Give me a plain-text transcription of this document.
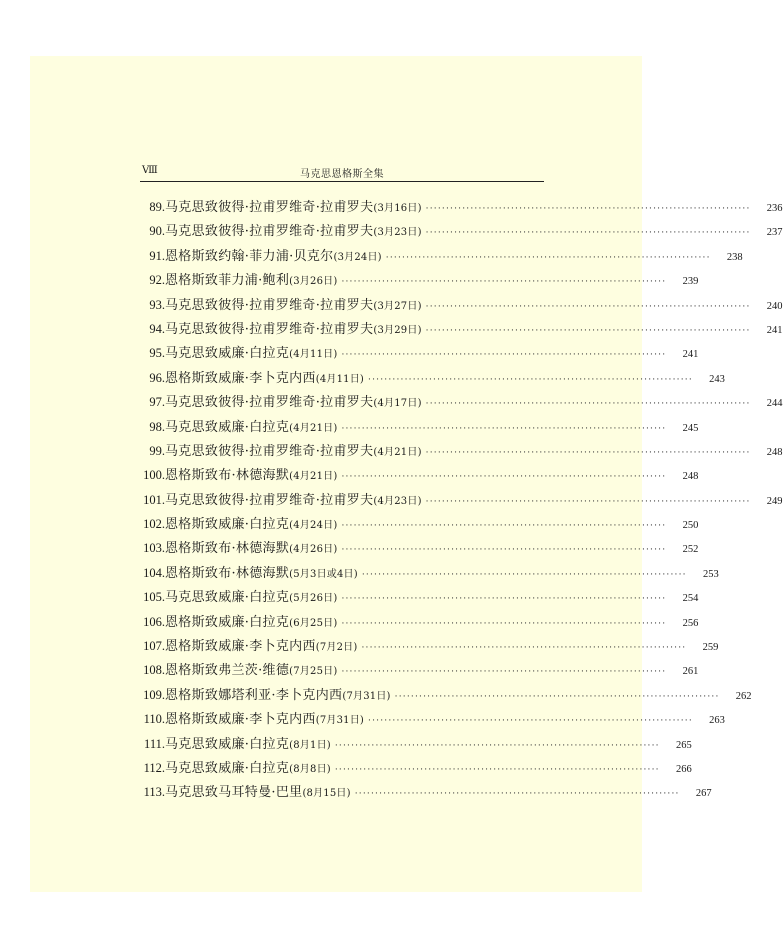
Ⅷ	马克思恩格斯全集
89. 马克思致彼得·拉甫罗维奇·拉甫罗夫 (3月16日) ················································································	236
90. 马克思致彼得·拉甫罗维奇·拉甫罗夫 (3月23日) ················································································	237
91. 恩格斯致约翰·菲力浦·贝克尔 (3月24日) ················································································	238
92. 恩格斯致菲力浦·鲍利 (3月26日) ················································································	239
93. 马克思致彼得·拉甫罗维奇·拉甫罗夫 (3月27日) ················································································	240
94. 马克思致彼得·拉甫罗维奇·拉甫罗夫 (3月29日) ················································································	241
95. 马克思致威廉·白拉克 (4月11日) ················································································	241
96. 恩格斯致威廉·李卜克内西 (4月11日) ················································································	243
97. 马克思致彼得·拉甫罗维奇·拉甫罗夫 (4月17日) ················································································	244
98. 马克思致威廉·白拉克 (4月21日) ················································································	245
99. 马克思致彼得·拉甫罗维奇·拉甫罗夫 (4月21日) ················································································	248
100. 恩格斯致布·林德海默 (4月21日) ················································································	248
101. 马克思致彼得·拉甫罗维奇·拉甫罗夫 (4月23日) ················································································	249
102. 恩格斯致威廉·白拉克 (4月24日) ················································································	250
103. 恩格斯致布·林德海默 (4月26日) ················································································	252
104. 恩格斯致布·林德海默 (5月3日或4日) ················································································	253
105. 马克思致威廉·白拉克 (5月26日) ················································································	254
106. 恩格斯致威廉·白拉克 (6月25日) ················································································	256
107. 恩格斯致威廉·李卜克内西 (7月2日) ················································································	259
108. 恩格斯致弗兰茨·维德 (7月25日) ················································································	261
109. 恩格斯致娜塔利亚·李卜克内西 (7月31日) ················································································	262
110. 恩格斯致威廉·李卜克内西 (7月31日) ················································································	263
111. 马克思致威廉·白拉克 (8月1日) ················································································	265
112. 马克思致威廉·白拉克 (8月8日) ················································································	266
113. 马克思致马耳特曼·巴里 (8月15日) ················································································	267
